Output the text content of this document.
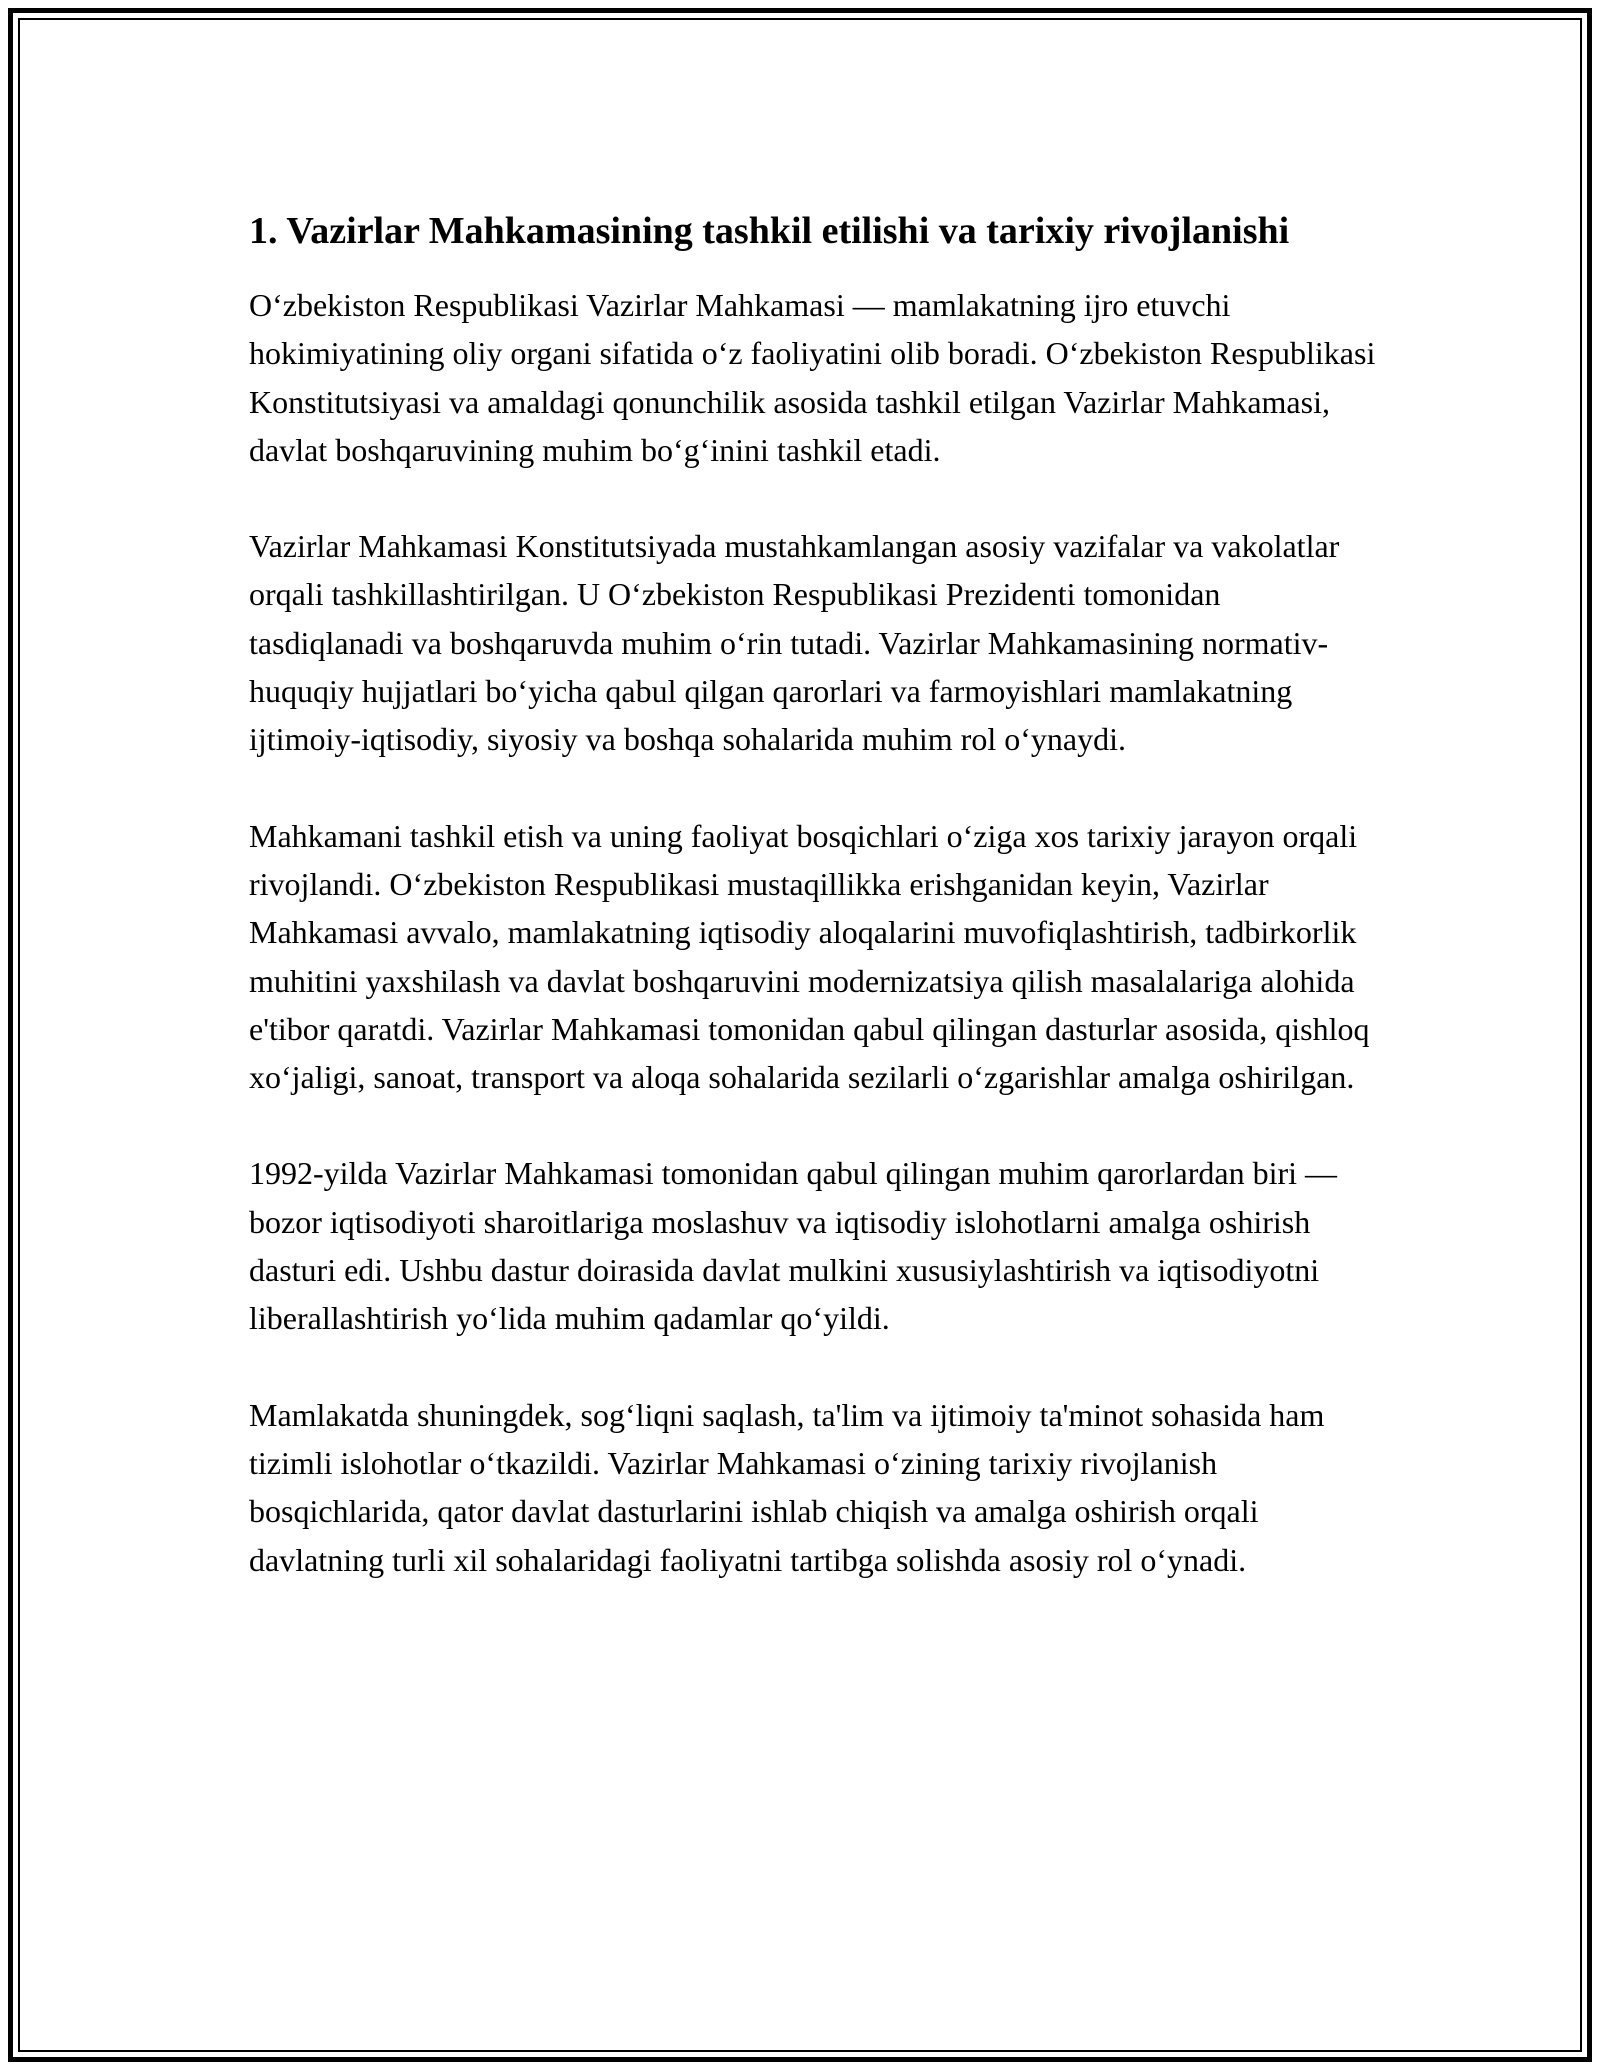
1. Vazirlar Mahkamasining tashkil etilishi va tarixiy rivojlanishi

O‘zbekiston Respublikasi Vazirlar Mahkamasi — mamlakatning ijro etuvchi hokimiyatining oliy organi sifatida o‘z faoliyatini olib boradi. O‘zbekiston Respublikasi Konstitutsiyasi va amaldagi qonunchilik asosida tashkil etilgan Vazirlar Mahkamasi, davlat boshqaruvining muhim bo‘g‘inini tashkil etadi.

Vazirlar Mahkamasi Konstitutsiyada mustahkamlangan asosiy vazifalar va vakolatlar orqali tashkillashtirilgan. U O‘zbekiston Respublikasi Prezidenti tomonidan tasdiqlanadi va boshqaruvda muhim o‘rin tutadi. Vazirlar Mahkamasining normativ-huquqiy hujjatlari bo‘yicha qabul qilgan qarorlari va farmoyishlari mamlakatning ijtimoiy-iqtisodiy, siyosiy va boshqa sohalarida muhim rol o‘ynaydi.

Mahkamani tashkil etish va uning faoliyat bosqichlari o‘ziga xos tarixiy jarayon orqali rivojlandi. O‘zbekiston Respublikasi mustaqillikka erishganidan keyin, Vazirlar Mahkamasi avvalo, mamlakatning iqtisodiy aloqalarini muvofiqlashtirish, tadbirkorlik muhitini yaxshilash va davlat boshqaruvini modernizatsiya qilish masalalariga alohida e'tibor qaratdi. Vazirlar Mahkamasi tomonidan qabul qilingan dasturlar asosida, qishloq xo‘jaligi, sanoat, transport va aloqa sohalarida sezilarli o‘zgarishlar amalga oshirilgan.

1992-yilda Vazirlar Mahkamasi tomonidan qabul qilingan muhim qarorlardan biri — bozor iqtisodiyoti sharoitlariga moslashuv va iqtisodiy islohotlarni amalga oshirish dasturi edi. Ushbu dastur doirasida davlat mulkini xususiylashtirish va iqtisodiyotni liberallashtirish yo‘lida muhim qadamlar qo‘yildi.

Mamlakatda shuningdek, sog‘liqni saqlash, ta'lim va ijtimoiy ta'minot sohasida ham tizimli islohotlar o‘tkazildi. Vazirlar Mahkamasi o‘zining tarixiy rivojlanish bosqichlarida, qator davlat dasturlarini ishlab chiqish va amalga oshirish orqali davlatning turli xil sohalaridagi faoliyatni tartibga solishda asosiy rol o‘ynadi.
